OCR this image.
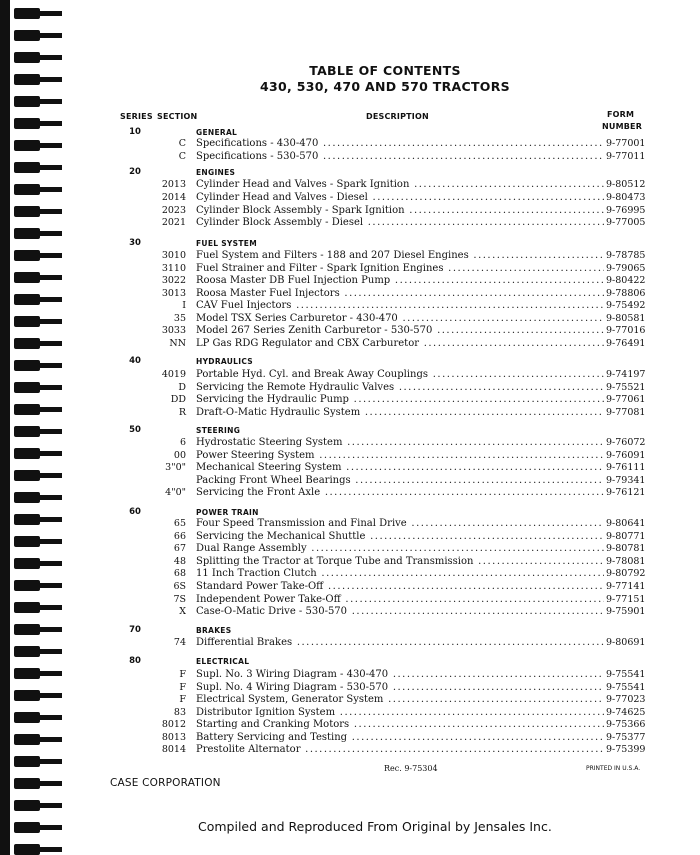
TABLE OF CONTENTS
430, 530, 470 AND 570 TRACTORS
SERIES SECTION	DESCRIPTION	FORM
NUMBER
10	GENERAL
C Specifications - 430-470 .....	9-77001
C Specifications - 530-570 .....	9-77011
20	ENGINES
2013 Cylinder Head and Valves - Spark Ignition .....	9-80512
2014 Cylinder Head and Valves - Diesel .....	9-80473
2023 Cylinder Block Assembly - Spark Ignition .....	9-76995
2021 Cylinder Block Assembly - Diesel .....	9-77005
30	FUEL SYSTEM
3010 Fuel System and Filters - 188 and 207 Diesel Engines .....	9-78785
3110 Fuel Strainer and Filter - Spark Ignition Engines .....	9-79065
3022 Roosa Master DB Fuel Injection Pump .....	9-80422
3013 Roosa Master Fuel Injectors .....	9-78806
I CAV Fuel Injectors .....	9-75492
35 Model TSX Series Carburetor - 430-470 .....	9-80581
3033 Model 267 Series Zenith Carburetor - 530-570 .....	9-77016
NN LP Gas RDG Regulator and CBX Carburetor .....	9-76491
40	HYDRAULICS
4019 Portable Hyd. Cyl. and Break Away Couplings .....	9-74197
D Servicing the Remote Hydraulic Valves .....	9-75521
DD Servicing the Hydraulic Pump .....	9-77061
R Draft-O-Matic Hydraulic System .....	9-77081
50	STEERING
6 Hydrostatic Steering System .....	9-76072
00 Power Steering System .....	9-76091
3"0" Mechanical Steering System .....	9-76111
Packing Front Wheel Bearings .....	9-79341
4"0" Servicing the Front Axle .....	9-76121
60	POWER TRAIN
65 Four Speed Transmission and Final Drive .....	9-80641
66 Servicing the Mechanical Shuttle .....	9-80771
67 Dual Range Assembly .....	9-80781
48 Splitting the Tractor at Torque Tube and Transmission .....	9-78081
68 11 Inch Traction Clutch .....	9-80792
6S Standard Power Take-Off .....	9-77141
7S Independent Power Take-Off .....	9-77151
X Case-O-Matic Drive - 530-570 .....	9-75901
70	BRAKES
74 Differential Brakes .....	9-80691
80	ELECTRICAL
F Supl. No. 3 Wiring Diagram - 430-470 .....	9-75541
F Supl. No. 4 Wiring Diagram - 530-570 .....	9-75541
F Electrical System, Generator System .....	9-77023
83 Distributor Ignition System .....	9-74625
8012 Starting and Cranking Motors .....	9-75366
8013 Battery Servicing and Testing .....	9-75377
8014 Prestolite Alternator .....	9-75399
Rec. 9-75304	PRINTED IN U.S.A.
CASE CORPORATION
Compiled and Reproduced From Original by Jensales Inc.
